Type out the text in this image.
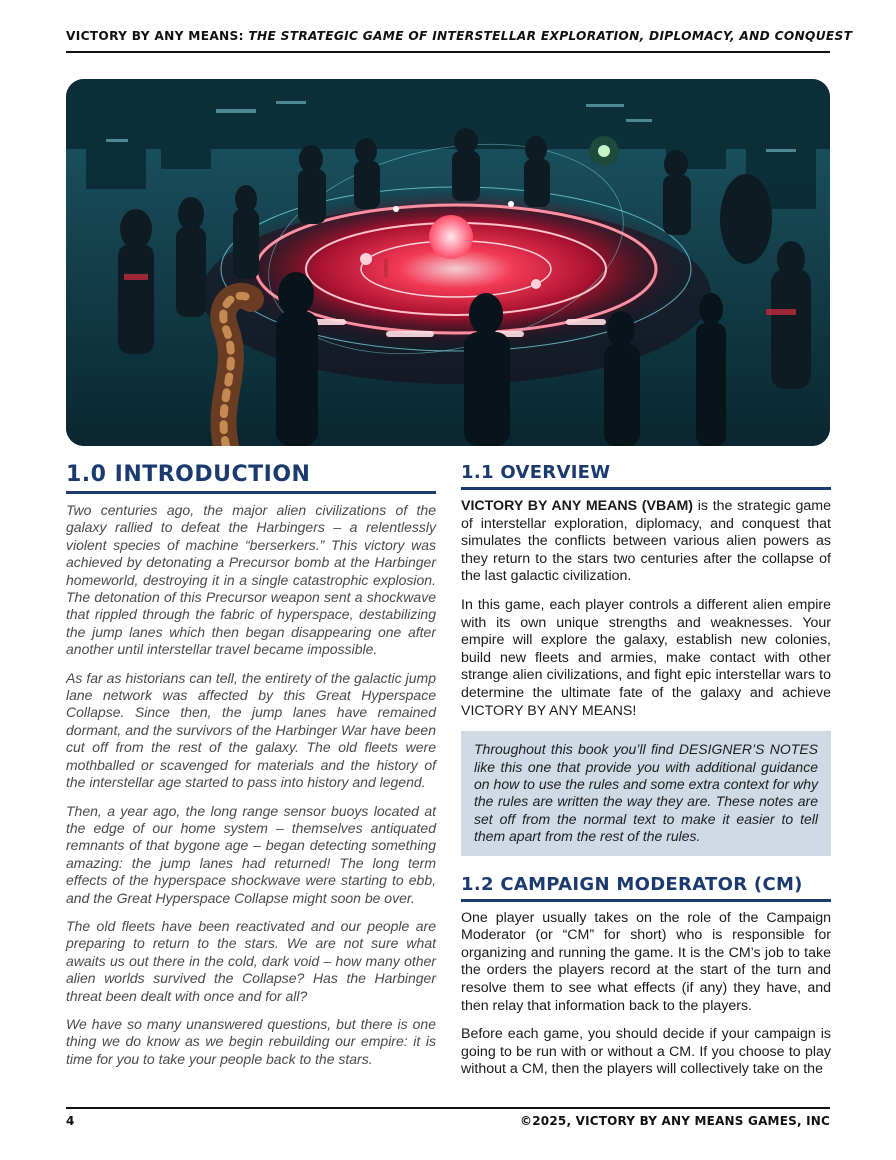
VICTORY BY ANY MEANS: THE STRATEGIC GAME OF INTERSTELLAR EXPLORATION, DIPLOMACY, AND CONQUEST
1.0 INTRODUCTION

Two centuries ago, the major alien civilizations of the galaxy rallied to defeat the Harbingers – a relentlessly violent species of machine “berserkers.” This victory was achieved by detonating a Precursor bomb at the Harbinger homeworld, destroying it in a single catastrophic explosion. The detonation of this Precursor weapon sent a shockwave that rippled through the fabric of hyperspace, destabilizing the jump lanes which then began disappearing one after another until interstellar travel became impossible.

As far as historians can tell, the entirety of the galactic jump lane network was affected by this Great Hyperspace Collapse. Since then, the jump lanes have remained dormant, and the survivors of the Harbinger War have been cut off from the rest of the galaxy. The old fleets were mothballed or scavenged for materials and the history of the interstellar age started to pass into history and legend.

Then, a year ago, the long range sensor buoys located at the edge of our home system – themselves antiquated remnants of that bygone age – began detecting something amazing: the jump lanes had returned! The long term effects of the hyperspace shockwave were starting to ebb, and the Great Hyperspace Collapse might soon be over.

The old fleets have been reactivated and our people are preparing to return to the stars. We are not sure what awaits us out there in the cold, dark void – how many other alien worlds survived the Collapse? Has the Harbinger threat been dealt with once and for all?

We have so many unanswered questions, but there is one thing we do know as we begin rebuilding our empire: it is time for you to take your people back to the stars.

1.1 OVERVIEW

VICTORY BY ANY MEANS (VBAM) is the strategic game of interstellar exploration, diplomacy, and conquest that simulates the conflicts between various alien powers as they return to the stars two centuries after the collapse of the last galactic civilization.

In this game, each player controls a different alien empire with its own unique strengths and weaknesses. Your empire will explore the galaxy, establish new colonies, build new fleets and armies, make contact with other strange alien civilizations, and fight epic interstellar wars to determine the ultimate fate of the galaxy and achieve VICTORY BY ANY MEANS!

Throughout this book you’ll find DESIGNER’S NOTES like this one that provide you with additional guidance on how to use the rules and some extra context for why the rules are written the way they are. These notes are set off from the normal text to make it easier to tell them apart from the rest of the rules.

1.2 CAMPAIGN MODERATOR (CM)

One player usually takes on the role of the Campaign Moderator (or “CM” for short) who is responsible for organizing and running the game. It is the CM’s job to take the orders the players record at the start of the turn and resolve them to see what effects (if any) they have, and then relay that information back to the players.

Before each game, you should decide if your campaign is going to be run with or without a CM. If you choose to play without a CM, then the players will collectively take on the

4	©2025, VICTORY BY ANY MEANS GAMES, INC
